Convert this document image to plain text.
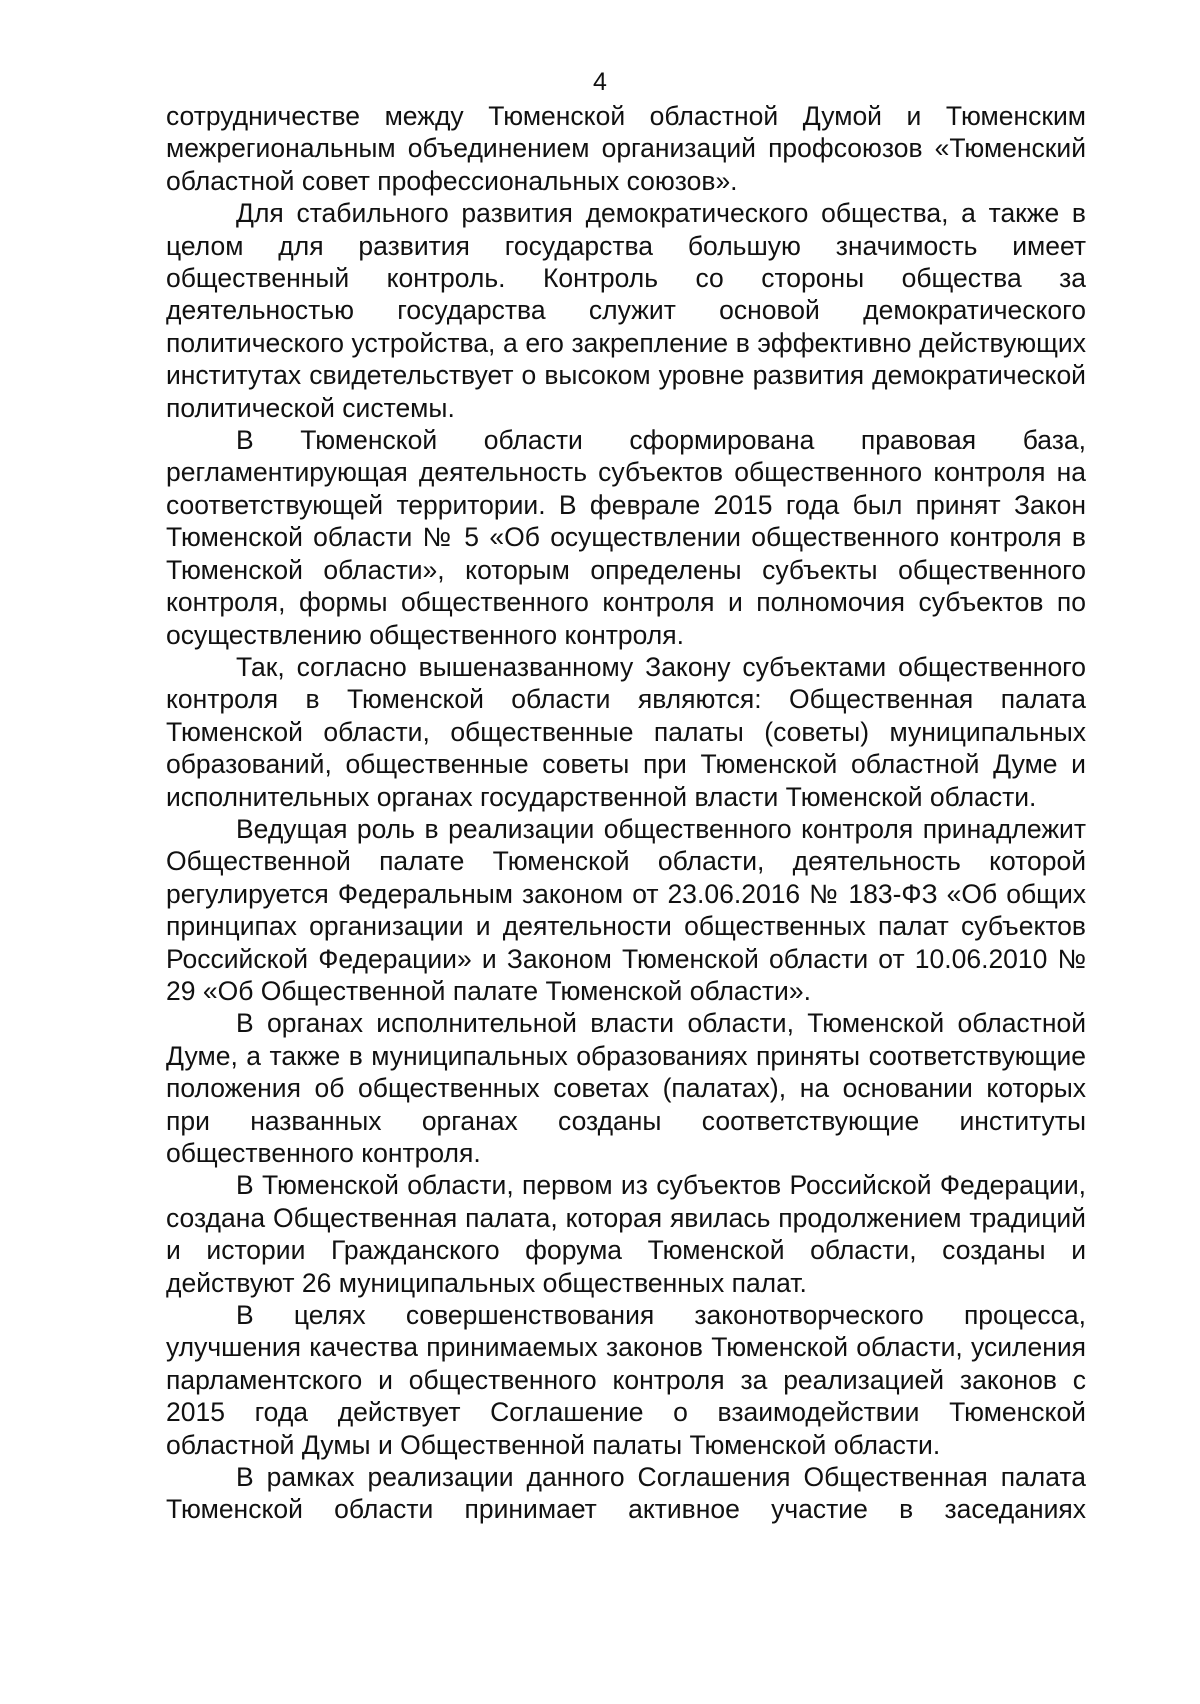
4

сотрудничестве между Тюменской областной Думой и Тюменским межрегиональным объединением организаций профсоюзов «Тюменский областной совет профессиональных союзов».

Для стабильного развития демократического общества, а также в целом для развития государства большую значимость имеет общественный контроль. Контроль со стороны общества за деятельностью государства служит основой демократического политического устройства, а его закрепление в эффективно действующих институтах свидетельствует о высоком уровне развития демократической политической системы.

В Тюменской области сформирована правовая база, регламентирующая деятельность субъектов общественного контроля на соответствующей территории. В феврале 2015 года был принят Закон Тюменской области № 5 «Об осуществлении общественного контроля в Тюменской области», которым определены субъекты общественного контроля, формы общественного контроля и полномочия субъектов по осуществлению общественного контроля.

Так, согласно вышеназванному Закону субъектами общественного контроля в Тюменской области являются: Общественная палата Тюменской области, общественные палаты (советы) муниципальных образований, общественные советы при Тюменской областной Думе и исполнительных органах государственной власти Тюменской области.

Ведущая роль в реализации общественного контроля принадлежит Общественной палате Тюменской области, деятельность которой регулируется Федеральным законом от 23.06.2016 № 183-ФЗ «Об общих принципах организации и деятельности общественных палат субъектов Российской Федерации» и Законом Тюменской области от 10.06.2010 № 29 «Об Общественной палате Тюменской области».

В органах исполнительной власти области, Тюменской областной Думе, а также в муниципальных образованиях приняты соответствующие положения об общественных советах (палатах), на основании которых при названных органах созданы соответствующие институты общественного контроля.

В Тюменской области, первом из субъектов Российской Федерации, создана Общественная палата, которая явилась продолжением традиций и истории Гражданского форума Тюменской области, созданы и действуют 26 муниципальных общественных палат.

В целях совершенствования законотворческого процесса, улучшения качества принимаемых законов Тюменской области, усиления парламентского и общественного контроля за реализацией законов с 2015 года действует Соглашение о взаимодействии Тюменской областной Думы и Общественной палаты Тюменской области.

В рамках реализации данного Соглашения Общественная палата Тюменской области принимает активное участие в заседаниях
